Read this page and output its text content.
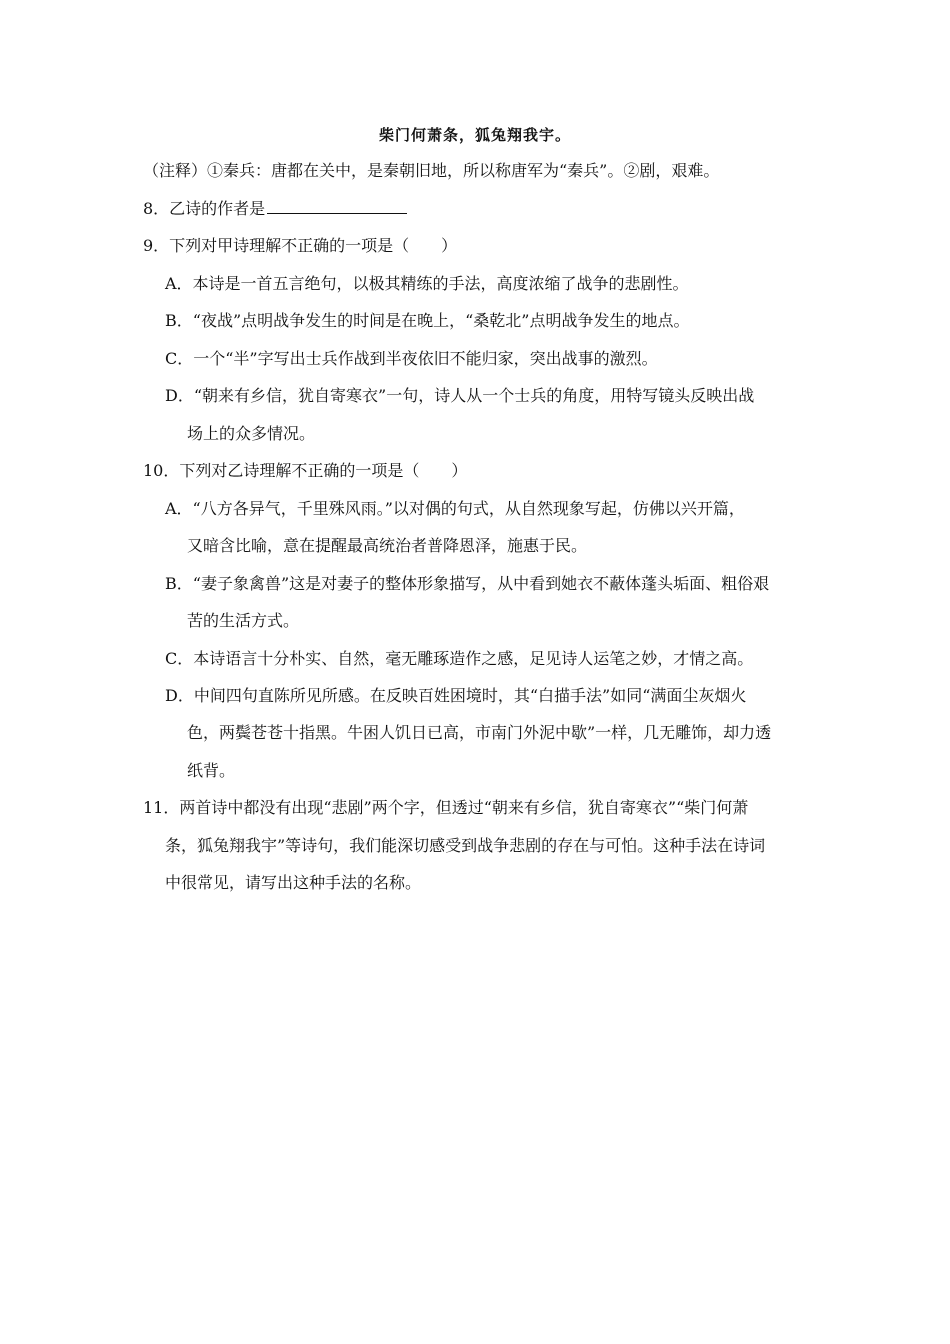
柴门何萧条，狐兔翔我宇。
（注释）①秦兵：唐都在关中，是秦朝旧地，所以称唐军为“秦兵”。②剧，艰难。
8．乙诗的作者是
9．下列对甲诗理解不正确的一项是（　　）
A．本诗是一首五言绝句，以极其精练的手法，高度浓缩了战争的悲剧性。
B．“夜战”点明战争发生的时间是在晚上，“桑乾北”点明战争发生的地点。
C．一个“半”字写出士兵作战到半夜依旧不能归家，突出战事的激烈。
D．“朝来有乡信，犹自寄寒衣”一句，诗人从一个士兵的角度，用特写镜头反映出战
场上的众多情况。
10．下列对乙诗理解不正确的一项是（　　）
A．“八方各异气，千里殊风雨。”以对偶的句式，从自然现象写起，仿佛以兴开篇，
又暗含比喻，意在提醒最高统治者普降恩泽，施惠于民。
B．“妻子象禽兽”这是对妻子的整体形象描写，从中看到她衣不蔽体蓬头垢面、粗俗艰
苦的生活方式。
C．本诗语言十分朴实、自然，毫无雕琢造作之感，足见诗人运笔之妙，才情之高。
D．中间四句直陈所见所感。在反映百姓困境时，其“白描手法”如同“满面尘灰烟火
色，两鬓苍苍十指黑。牛困人饥日已高，市南门外泥中歇”一样，几无雕饰，却力透
纸背。
11．两首诗中都没有出现“悲剧”两个字，但透过“朝来有乡信，犹自寄寒衣”“柴门何萧
条，狐兔翔我宇”等诗句，我们能深切感受到战争悲剧的存在与可怕。这种手法在诗词
中很常见，请写出这种手法的名称。
